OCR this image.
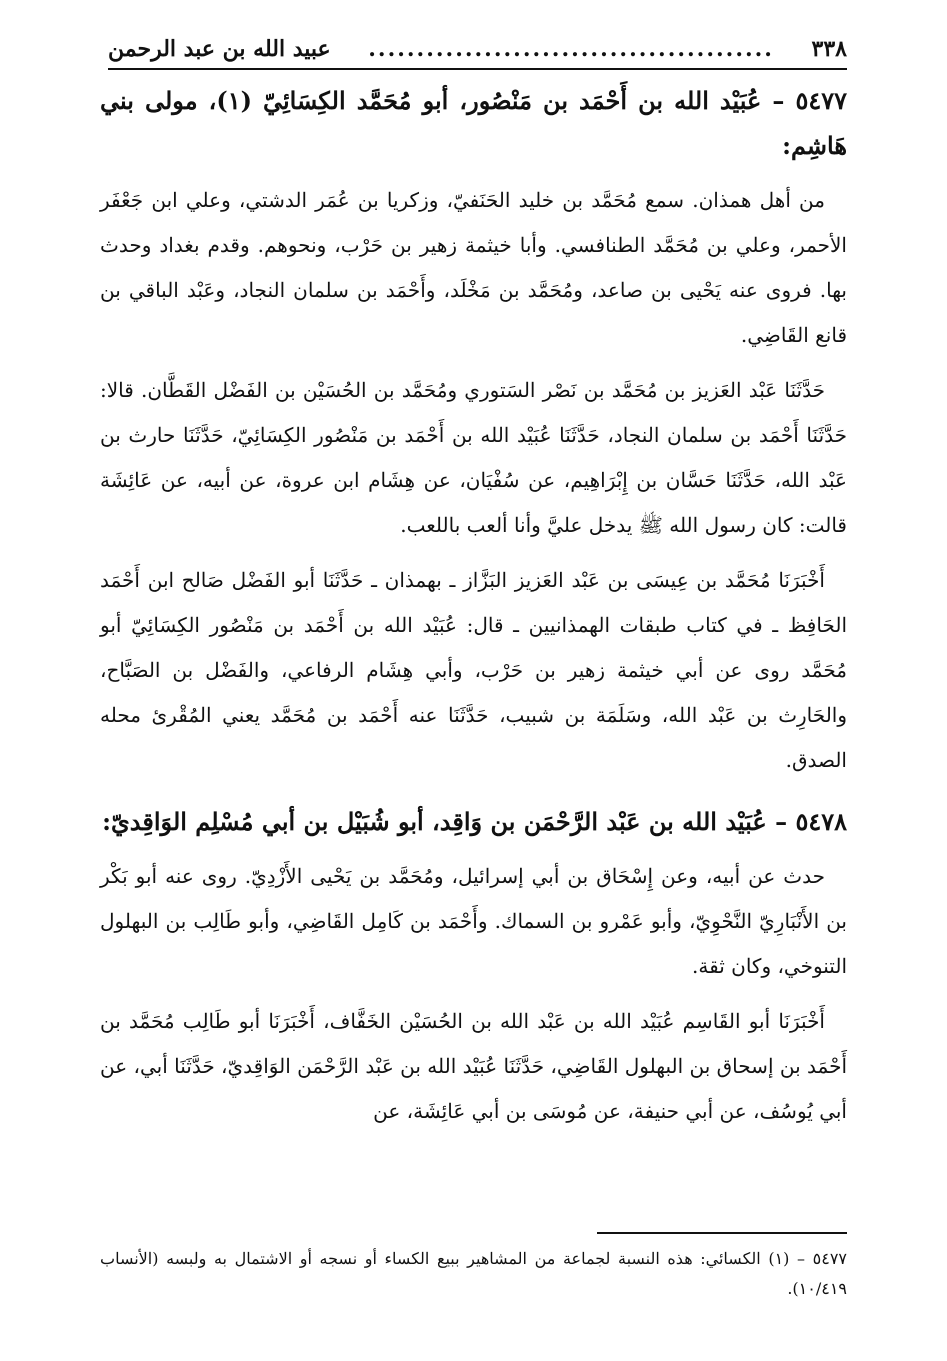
٣٣٨
..........................................
عبيد الله بن عبد الرحمن
٥٤٧٧ – عُبَيْد الله بن أَحْمَد بن مَنْصُور، أبو مُحَمَّد الكِسَائِيّ (١)، مولى بني هَاشِم:

من أهل همذان. سمع مُحَمَّد بن خليد الحَنَفيّ، وزكريا بن عُمَر الدشتي، وعلي ابن جَعْفَر الأحمر، وعلي بن مُحَمَّد الطنافسي. وأبا خيثمة زهير بن حَرْب، ونحوهم. وقدم بغداد وحدث بها. فروى عنه يَحْيى بن صاعد، ومُحَمَّد بن مَخْلَد، وأَحْمَد بن سلمان النجاد، وعَبْد الباقي بن قانع القَاضِي.

حَدَّثَنَا عَبْد العَزيز بن مُحَمَّد بن نَصْر السَتوري ومُحَمَّد بن الحُسَيْن بن الفَضْل القَطَّان. قالا: حَدَّثَنَا أَحْمَد بن سلمان النجاد، حَدَّثَنَا عُبَيْد الله بن أَحْمَد بن مَنْصُور الكِسَائِيّ، حَدَّثَنَا حارث بن عَبْد الله، حَدَّثَنَا حَسَّان بن إِبْرَاهِيم، عن سُفْيَان، عن هِشَام ابن عروة، عن أبيه، عن عَائِشَة قالت: كان رسول الله ﷺ يدخل عليَّ وأنا ألعب باللعب.

أَخْبَرَنَا مُحَمَّد بن عِيسَى بن عَبْد العَزيز البَزَّاز ـ بهمذان ـ حَدَّثَنَا أبو الفَضْل صَالح ابن أَحْمَد الحَافِظ ـ في كتاب طبقات الهمذانيين ـ قال: عُبَيْد الله بن أَحْمَد بن مَنْصُور الكِسَائِيّ أبو مُحَمَّد روى عن أبي خيثمة زهير بن حَرْب، وأبي هِشَام الرفاعي، والفَضْل بن الصَبَّاح، والحَارِث بن عَبْد الله، وسَلَمَة بن شبيب، حَدَّثَنَا عنه أَحْمَد بن مُحَمَّد يعني المُقْرئ محله الصدق.

٥٤٧٨ – عُبَيْد الله بن عَبْد الرَّحْمَن بن وَاقِد، أبو شُبَيْل بن أبي مُسْلِم الوَاقِديّ:

حدث عن أبيه، وعن إِسْحَاق بن أبي إسرائيل، ومُحَمَّد بن يَحْيى الأَزْدِيّ. روى عنه أبو بَكْر بن الأَنْبَارِيّ النَّحْوِيّ، وأبو عَمْرو بن السماك. وأَحْمَد بن كَامِل القَاضِي، وأبو طَالِب بن البهلول التنوخي، وكان ثقة.

أَخْبَرَنَا أبو القَاسِم عُبَيْد الله بن عَبْد الله بن الحُسَيْن الخَفَّاف، أَخْبَرَنَا أبو طَالِب مُحَمَّد بن أَحْمَد بن إسحاق بن البهلول القَاضِي، حَدَّثَنَا عُبَيْد الله بن عَبْد الرَّحْمَن الوَاقِديّ، حَدَّثَنَا أبي، عن أبي يُوسُف، عن أبي حنيفة، عن مُوسَى بن أبي عَائِشَة، عن

٥٤٧٧ – (١) الكسائي: هذه النسبة لجماعة من المشاهير ببيع الكساء أو نسجه أو الاشتمال به ولبسه (الأنساب ١٠/٤١٩).
